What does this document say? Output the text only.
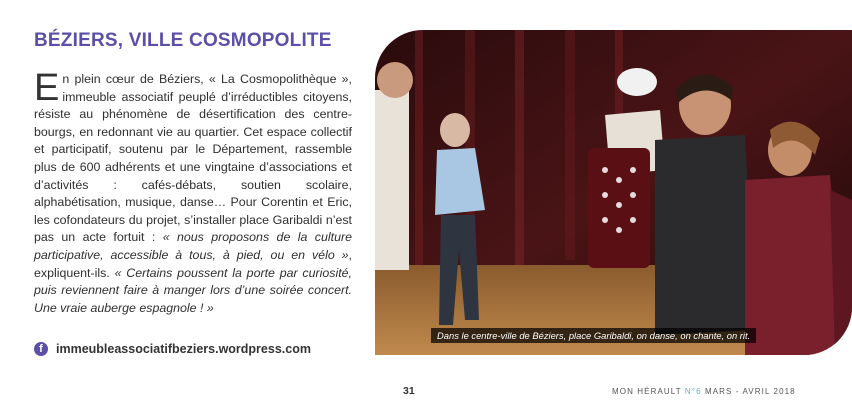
BÉZIERS, VILLE COSMOPOLITE

En plein cœur de Béziers, « La Cosmopolithèque », immeuble associatif peuplé d’irréductibles citoyens, résiste au phénomène de désertification des centre-bourgs, en redonnant vie au quartier. Cet espace collectif et participatif, soutenu par le Département, rassemble plus de 600 adhérents et une vingtaine d’associations et d’activités : cafés-débats, soutien scolaire, alphabétisation, musique, danse… Pour Corentin et Eric, les cofondateurs du projet, s’installer place Garibaldi n’est pas un acte fortuit : « nous proposons de la culture participative, accessible à tous, à pied, ou en vélo », expliquent-ils. « Certains poussent la porte par curiosité, puis reviennent faire à manger lors d’une soirée concert. Une vraie auberge espagnole ! »

f	immeubleassociatifbeziers.wordpress.com
Dans le centre-ville de Béziers, place Garibaldi, on danse, on chante, on rit.
31	MON HÉRAULT N°6 MARS - AVRIL 2018
